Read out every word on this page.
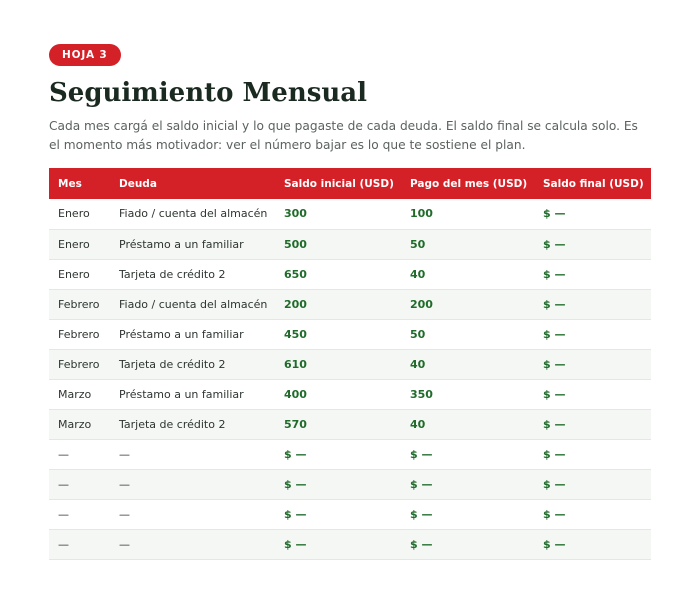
HOJA 3
Seguimiento Mensual

Cada mes cargá el saldo inicial y lo que pagaste de cada deuda. El saldo final se calcula solo. Es el momento más motivador: ver el número bajar es lo que te sostiene el plan.

Mes	Deuda	Saldo inicial (USD)	Pago del mes (USD)	Saldo final (USD)
Enero	Fiado / cuenta del almacén	300	100	$ —
Enero	Préstamo a un familiar	500	50	$ —
Enero	Tarjeta de crédito 2	650	40	$ —
Febrero	Fiado / cuenta del almacén	200	200	$ —
Febrero	Préstamo a un familiar	450	50	$ —
Febrero	Tarjeta de crédito 2	610	40	$ —
Marzo	Préstamo a un familiar	400	350	$ —
Marzo	Tarjeta de crédito 2	570	40	$ —
—	—	$ —	$ —	$ —
—	—	$ —	$ —	$ —
—	—	$ —	$ —	$ —
—	—	$ —	$ —	$ —
